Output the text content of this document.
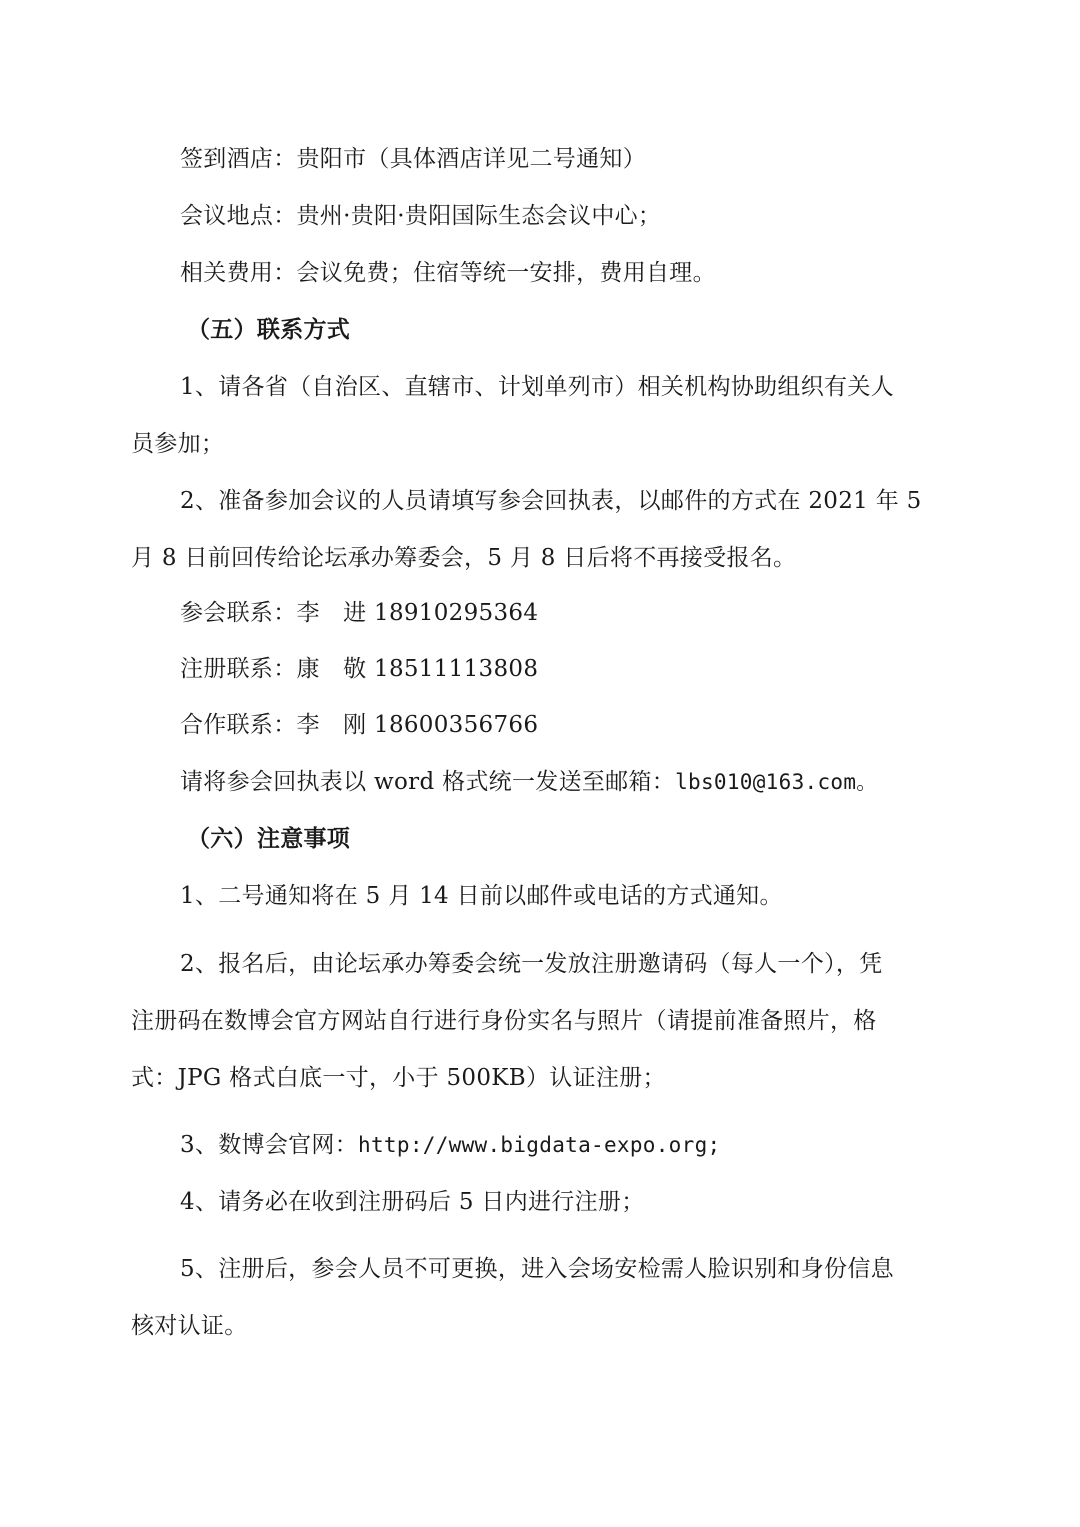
签到酒店：贵阳市（具体酒店详见二号通知）
会议地点：贵州·贵阳·贵阳国际生态会议中心；
相关费用：会议免费；住宿等统一安排，费用自理。
（五）联系方式
1、请各省（自治区、直辖市、计划单列市）相关机构协助组织有关人
员参加；
2、准备参加会议的人员请填写参会回执表，以邮件的方式在 2021 年 5
月 8 日前回传给论坛承办筹委会，5 月 8 日后将不再接受报名。
参会联系：李　进 18910295364
注册联系：康　敬 18511113808
合作联系：李　刚 18600356766
请将参会回执表以 word 格式统一发送至邮箱：lbs010@163.com。
（六）注意事项
1、二号通知将在 5 月 14 日前以邮件或电话的方式通知。
2、报名后，由论坛承办筹委会统一发放注册邀请码（每人一个），凭
注册码在数博会官方网站自行进行身份实名与照片（请提前准备照片，格
式：JPG 格式白底一寸，小于 500KB）认证注册；
3、数博会官网：http://www.bigdata-expo.org;
4、请务必在收到注册码后 5 日内进行注册；
5、注册后，参会人员不可更换，进入会场安检需人脸识别和身份信息
核对认证。
